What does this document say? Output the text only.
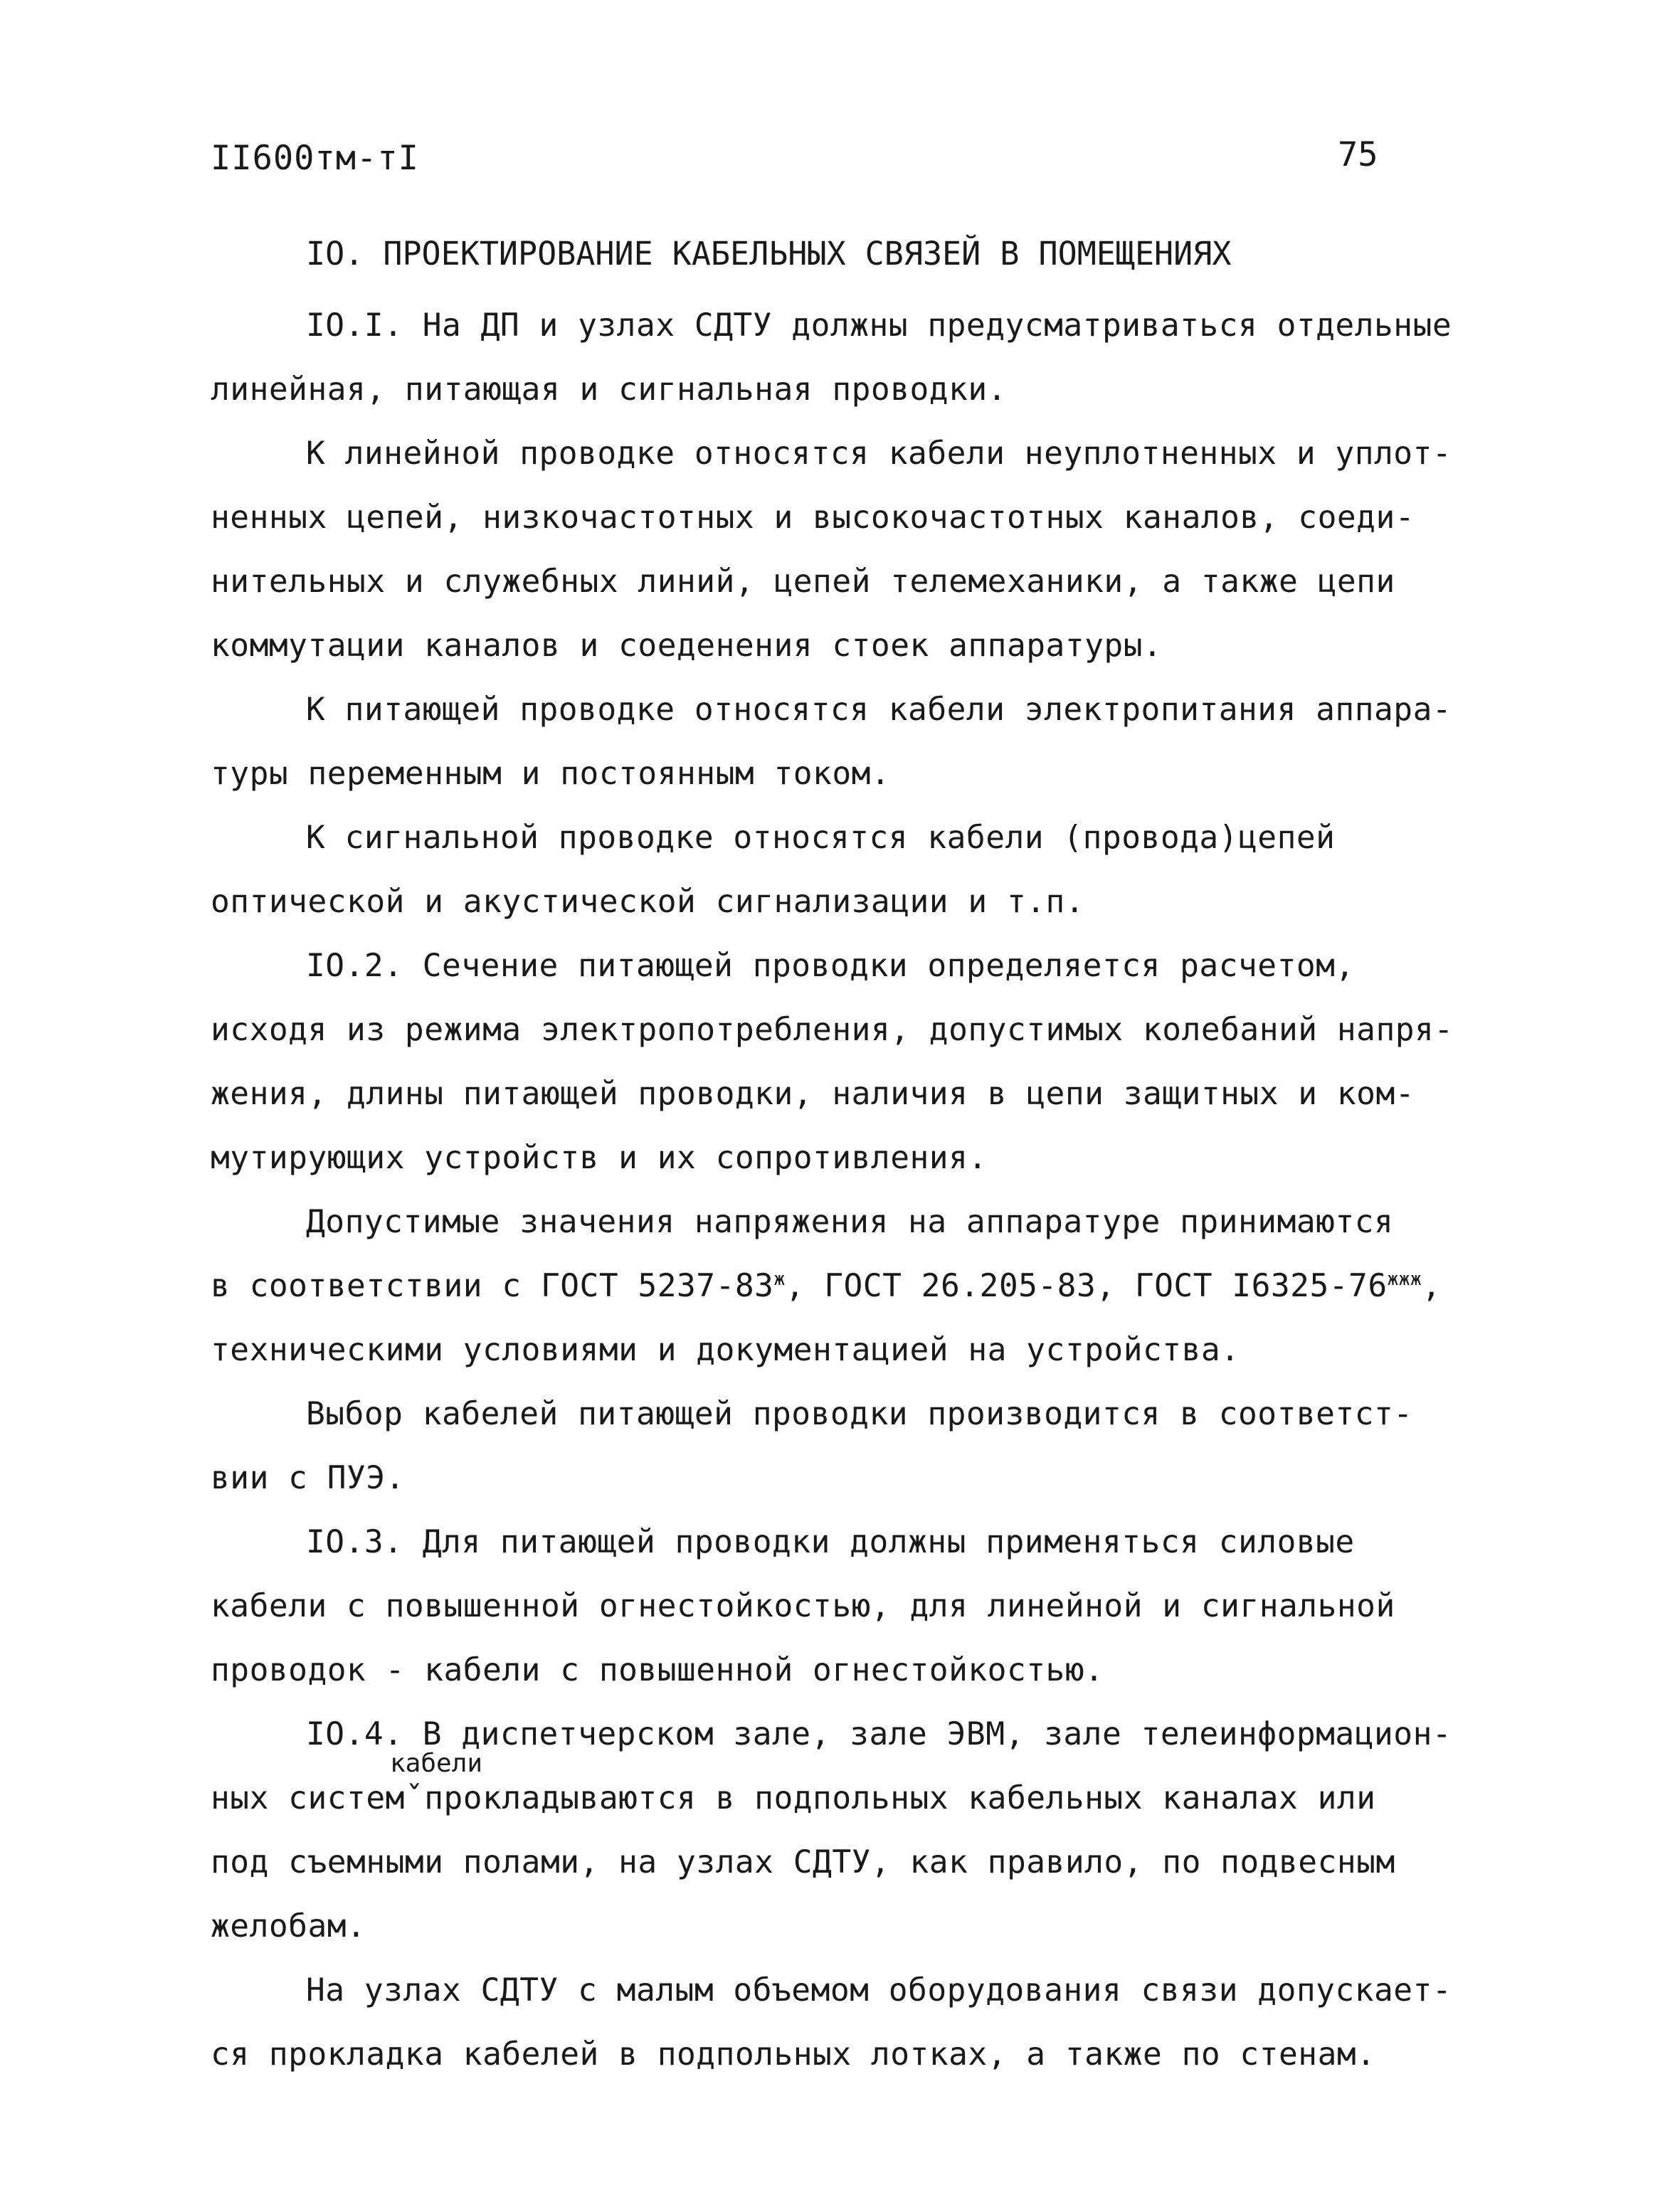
II600тм-тI	75
IO. ПРОЕКТИРОВАНИЕ КАБЕЛЬНЫХ СВЯЗЕЙ В ПОМЕЩЕНИЯХ
IO.I. На ДП и узлах СДТУ должны предусматриваться отдельные
линейная, питающая и сигнальная проводки.
К линейной проводке относятся кабели неуплотненных и уплот-
ненных цепей, низкочастотных и высокочастотных каналов, соеди-
нительных и служебных линий, цепей телемеханики, а также цепи
коммутации каналов и соеденения стоек аппаратуры.
К питающей проводке относятся кабели электропитания аппара-
туры переменным и постоянным током.
К сигнальной проводке относятся кабели (провода)цепей
оптической и акустической сигнализации и т.п.
IO.2. Сечение питающей проводки определяется расчетом,
исходя из режима электропотребления, допустимых колебаний напря-
жения, длины питающей проводки, наличия в цепи защитных и ком-
мутирующих устройств и их сопротивления.
Допустимые значения напряжения на аппаратуре принимаются
в соответствии с ГОСТ $5237-83^ж$, ГОСТ 26.205-83, ГОСТ $I6325-76^{жжж}$,
техническими условиями и документацией на устройства.
Выбор кабелей питающей проводки производится в соответст-
вии с ПУЭ.
IO.3. Для питающей проводки должны применяться силовые
кабели с повышенной огнестойкостью, для линейной и сигнальной
проводок - кабели с повышенной огнестойкостью.
IO.4. В диспетчерском зале, зале ЭВМ, зале телеинформацион-
кабели
ных системˇпрокладываются в подпольных кабельных каналах или
под съемными полами, на узлах СДТУ, как правило, по подвесным
желобам.
На узлах СДТУ с малым объемом оборудования связи допускает-
ся прокладка кабелей в подпольных лотках, а также по стенам.
